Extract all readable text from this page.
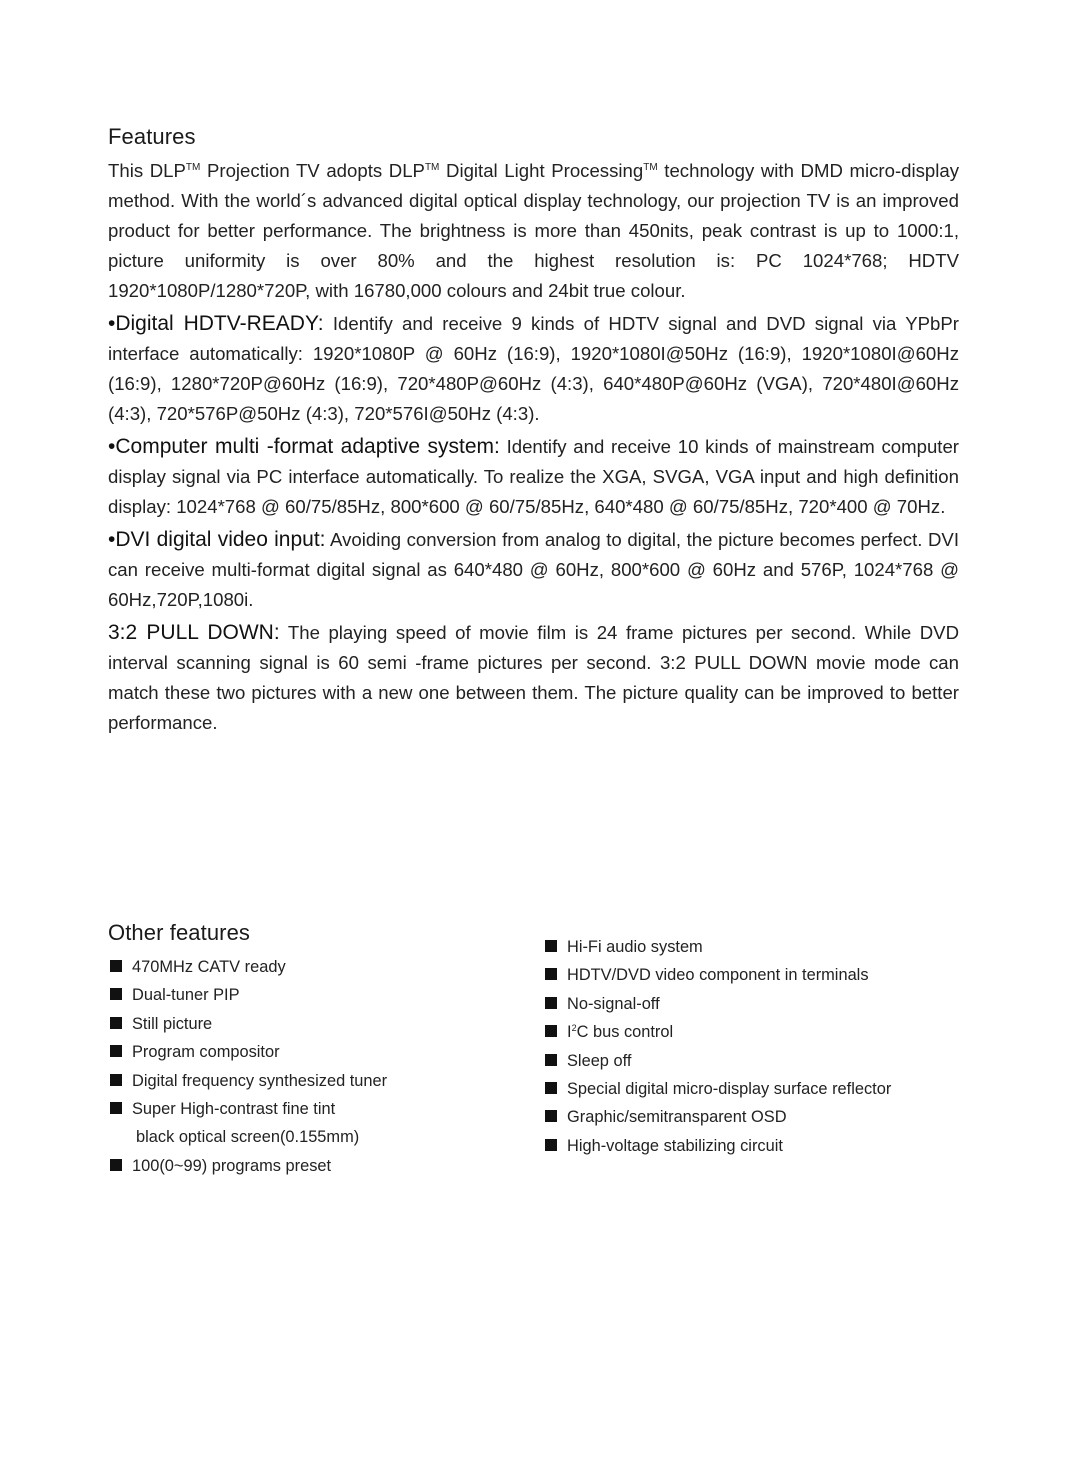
Features

This DLP™ Projection TV adopts DLP™ Digital Light Processing™ technology with DMD micro-display method. With the world´s advanced digital optical display technology, our projection TV is an improved product for better performance. The brightness is more than 450nits, peak contrast is up to 1000:1, picture uniformity is over 80% and the highest resolution is: PC 1024*768; HDTV 1920*1080P/1280*720P, with 16780,000 colours and 24bit true colour.

•Digital HDTV-READY: Identify and receive 9 kinds of HDTV signal and DVD signal via YPbPr interface automatically: 1920*1080P @ 60Hz (16:9), 1920*1080I@50Hz (16:9), 1920*1080I@60Hz (16:9), 1280*720P@60Hz (16:9), 720*480P@60Hz (4:3), 640*480P@60Hz (VGA), 720*480I@60Hz (4:3), 720*576P@50Hz (4:3), 720*576I@50Hz (4:3).

•Computer multi -format adaptive system: Identify and receive 10 kinds of mainstream computer display signal via PC interface automatically. To realize the XGA, SVGA, VGA input and high definition display: 1024*768 @ 60/75/85Hz, 800*600 @ 60/75/85Hz, 640*480 @ 60/75/85Hz, 720*400 @ 70Hz.

•DVI digital video input: Avoiding conversion from analog to digital, the picture becomes perfect. DVI can receive multi-format digital signal as 640*480 @ 60Hz, 800*600 @ 60Hz and 576P, 1024*768 @ 60Hz,720P,1080i.

3:2 PULL DOWN: The playing speed of movie film is 24 frame pictures per second. While DVD interval scanning signal is 60 semi -frame pictures per second. 3:2 PULL DOWN movie mode can match these two pictures with a new one between them. The picture quality can be improved to better performance.

Other features
470MHz CATV ready
Dual-tuner PIP
Still picture
Program compositor
Digital frequency synthesized tuner
Super High-contrast fine tint
black optical screen(0.155mm)
100(0~99) programs preset
Hi-Fi audio system
HDTV/DVD video component in terminals
No-signal-off
$I^2C$ bus control
Sleep off
Special digital micro-display surface reflector
Graphic/semitransparent OSD
High-voltage stabilizing circuit
